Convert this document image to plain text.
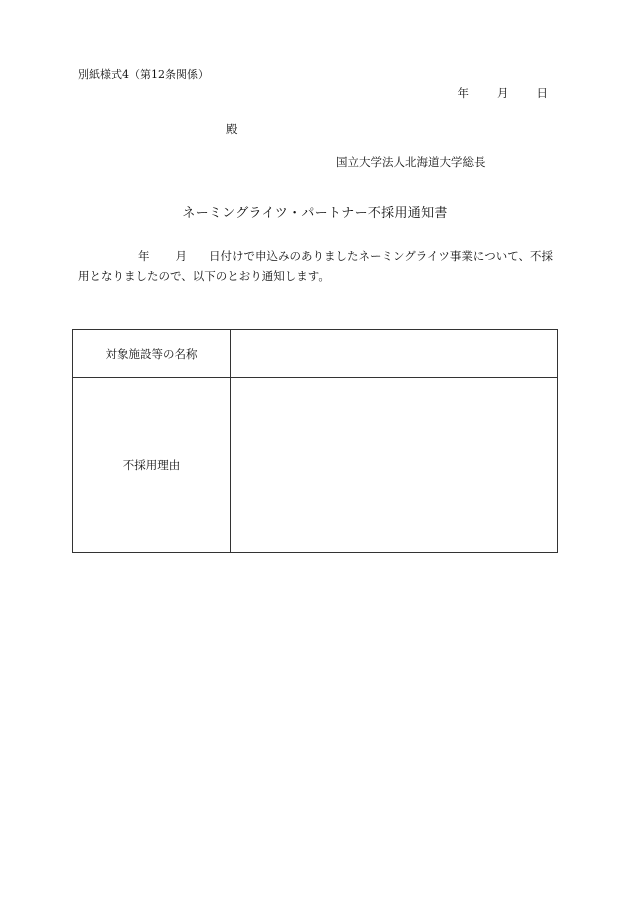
別紙様式4（第12条関係）
年 月 日
殿
国立大学法人北海道大学総長
ネーミングライツ・パートナー不採用通知書
年 月 日付けで申込みのありましたネーミングライツ事業について、不採
用となりましたので、以下のとおり通知します。
対象施設等の名称	
不採用理由	
